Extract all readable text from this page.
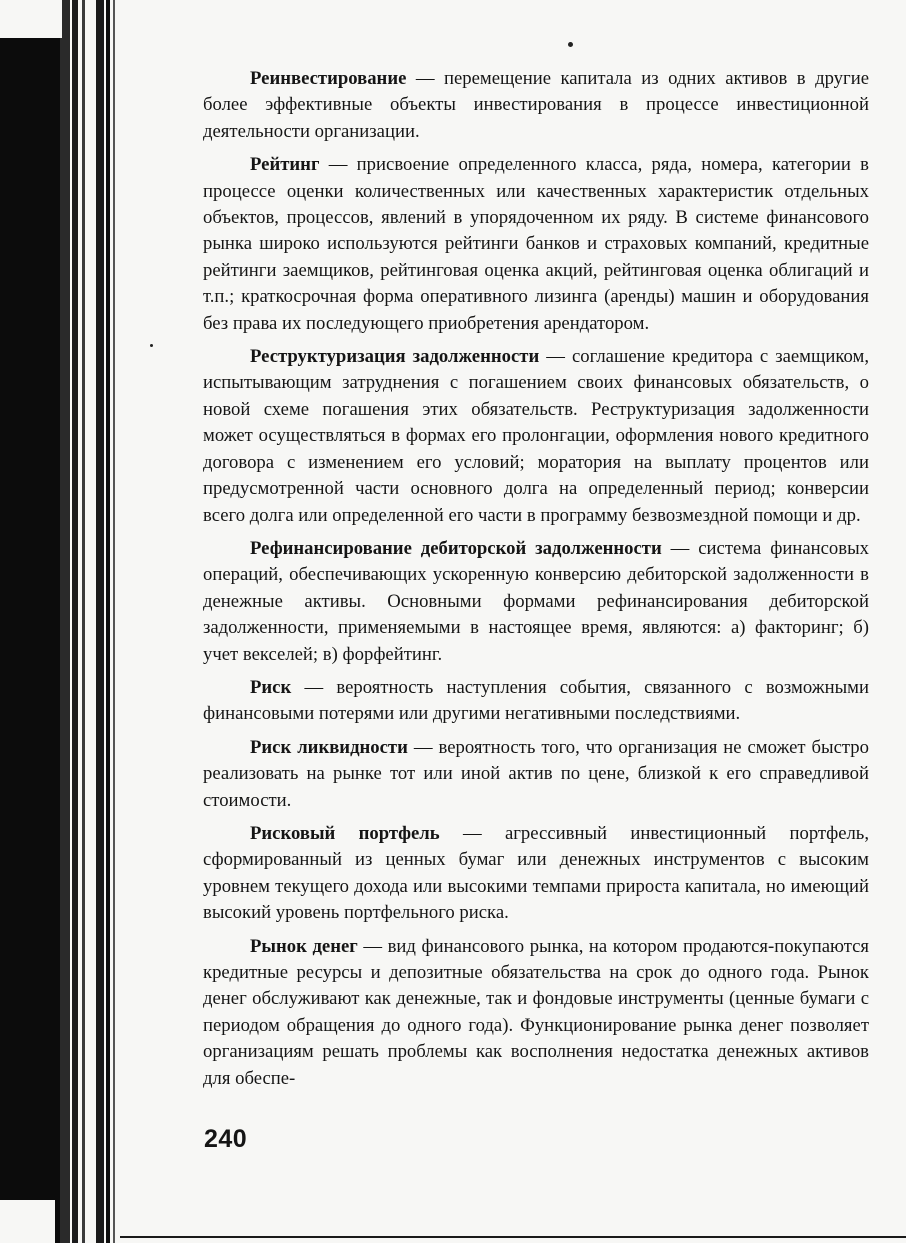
Реинвестирование — перемещение капитала из одних активов в другие более эффективные объекты инвестирования в процессе инвестиционной деятельности организации.

Рейтинг — присвоение определенного класса, ряда, номера, категории в процессе оценки количественных или качественных характеристик отдельных объектов, процессов, явлений в упорядоченном их ряду. В системе финансового рынка широко используются рейтинги банков и страховых компаний, кредитные рейтинги заемщиков, рейтинговая оценка акций, рейтинговая оценка облигаций и т.п.; краткосрочная форма оперативного лизинга (аренды) машин и оборудования без права их последующего приобретения арендатором.

Реструктуризация задолженности — соглашение кредитора с заемщиком, испытывающим затруднения с погашением своих финансовых обязательств, о новой схеме погашения этих обязательств. Реструктуризация задолженности может осуществляться в формах его пролонгации, оформления нового кредитного договора с изменением его условий; моратория на выплату процентов или предусмотренной части основного долга на определенный период; конверсии всего долга или определенной его части в программу безвозмездной помощи и др.

Рефинансирование дебиторской задолженности — система финансовых операций, обеспечивающих ускоренную конверсию дебиторской задолженности в денежные активы. Основными формами рефинансирования дебиторской задолженности, применяемыми в настоящее время, являются: а) факторинг; б) учет векселей; в) форфейтинг.

Риск — вероятность наступления события, связанного с возможными финансовыми потерями или другими негативными последствиями.

Риск ликвидности — вероятность того, что организация не сможет быстро реализовать на рынке тот или иной актив по цене, близкой к его справедливой стоимости.

Рисковый портфель — агрессивный инвестиционный портфель, сформированный из ценных бумаг или денежных инструментов с высоким уровнем текущего дохода или высокими темпами прироста капитала, но имеющий высокий уровень портфельного риска.

Рынок денег — вид финансового рынка, на котором продаются-покупаются кредитные ресурсы и депозитные обязательства на срок до одного года. Рынок денег обслуживают как денежные, так и фондовые инструменты (ценные бумаги с периодом обращения до одного года). Функционирование рынка денег позволяет организациям решать проблемы как восполнения недостатка денежных активов для обеспе-

240
